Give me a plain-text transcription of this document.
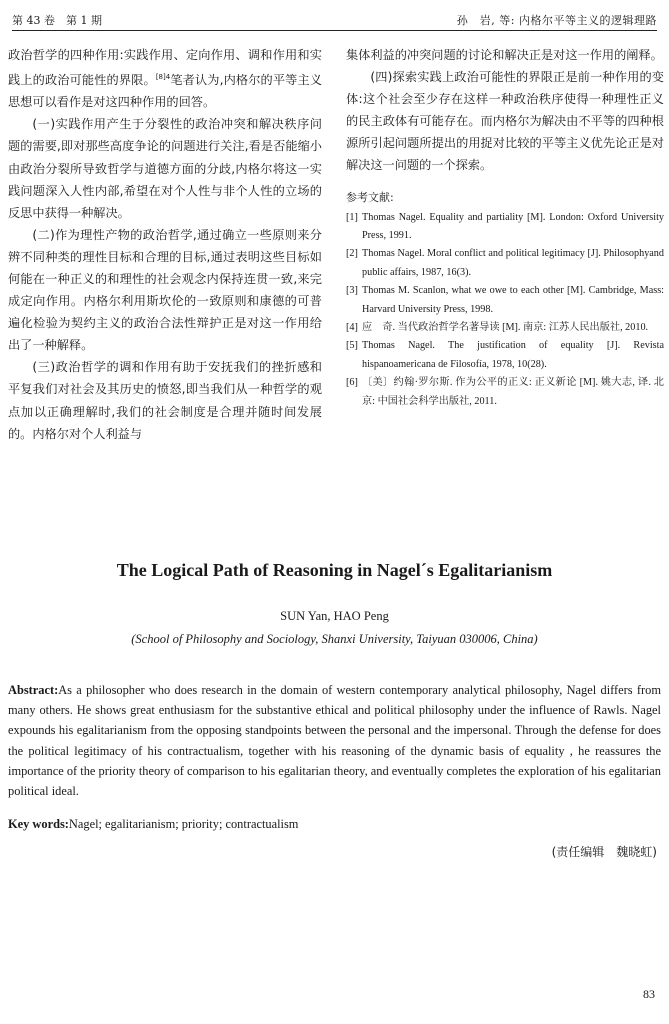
第 43 卷　第 1 期	孙　岩, 等: 内格尔平等主义的逻辑理路

政治哲学的四种作用:实践作用、定向作用、调和作用和实践上的政治可能性的界限。$^{[8]4}$笔者认为,内格尔的平等主义思想可以看作是对这四种作用的回答。

(一)实践作用产生于分裂性的政治冲突和解决秩序问题的需要,即对那些高度争论的问题进行关注,看是否能缩小由政治分裂所导致哲学与道德方面的分歧,内格尔将这一实践问题深入人性内部,希望在对个人性与非个人性的立场的反思中获得一种解决。

(二)作为理性产物的政治哲学,通过确立一些原则来分辨不同种类的理性目标和合理的目标,通过表明这些目标如何能在一种正义的和理性的社会观念内保持连贯一致,来完成定向作用。内格尔利用斯坎伦的一致原则和康德的可普遍化检验为契约主义的政治合法性辩护正是对这一作用给出了一种解释。

(三)政治哲学的调和作用有助于安抚我们的挫折感和平复我们对社会及其历史的愤怒,即当我们从一种哲学的观点加以正确理解时,我们的社会制度是合理并随时间发展的。内格尔对个人利益与

集体利益的冲突问题的讨论和解决正是对这一作用的阐释。

(四)探索实践上政治可能性的界限正是前一种作用的变体:这个社会至少存在这样一种政治秩序使得一种理性正义的民主政体有可能存在。而内格尔为解决由不平等的四种根源所引起问题所提出的用捉对比较的平等主义优先论正是对解决这一问题的一个探索。

参考文献:
[1] Thomas Nagel. Equality and partiality [M]. London: Oxford University Press, 1991.
[2] Thomas Nagel. Moral conflict and political legitimacy [J]. Philosophyand public affairs, 1987, 16(3).
[3] Thomas M. Scanlon, what we owe to each other [M]. Cambridge, Mass: Harvard University Press, 1998.
[4] 应　奇. 当代政治哲学名著导读 [M]. 南京: 江苏人民出版社, 2010.
[5] Thomas Nagel. The justification of equality [J]. Revista hispanoamericana de Filosofía, 1978, 10(28).
[6] 〔美〕约翰·罗尔斯. 作为公平的正义: 正义新论 [M]. 姚大志, 译. 北京: 中国社会科学出版社, 2011.
The Logical Path of Reasoning in Nagel´s Egalitarianism
SUN Yan, HAO Peng
(School of Philosophy and Sociology, Shanxi University, Taiyuan 030006, China)
Abstract:As a philosopher who does research in the domain of western contemporary analytical philosophy, Nagel differs from many others. He shows great enthusiasm for the substantive ethical and political philosophy under the influence of Rawls. Nagel expounds his egalitarianism from the opposing standpoints between the personal and the impersonal. Through the defense for does the political legitimacy of his contractualism, together with his reasoning of the dynamic basis of equality , he reassures the importance of the priority theory of comparison to his egalitarian theory, and eventually completes the exploration of his egalitarian political ideal.
Key words:Nagel; egalitarianism; priority; contractualism
(责任编辑　魏晓虹)
83
